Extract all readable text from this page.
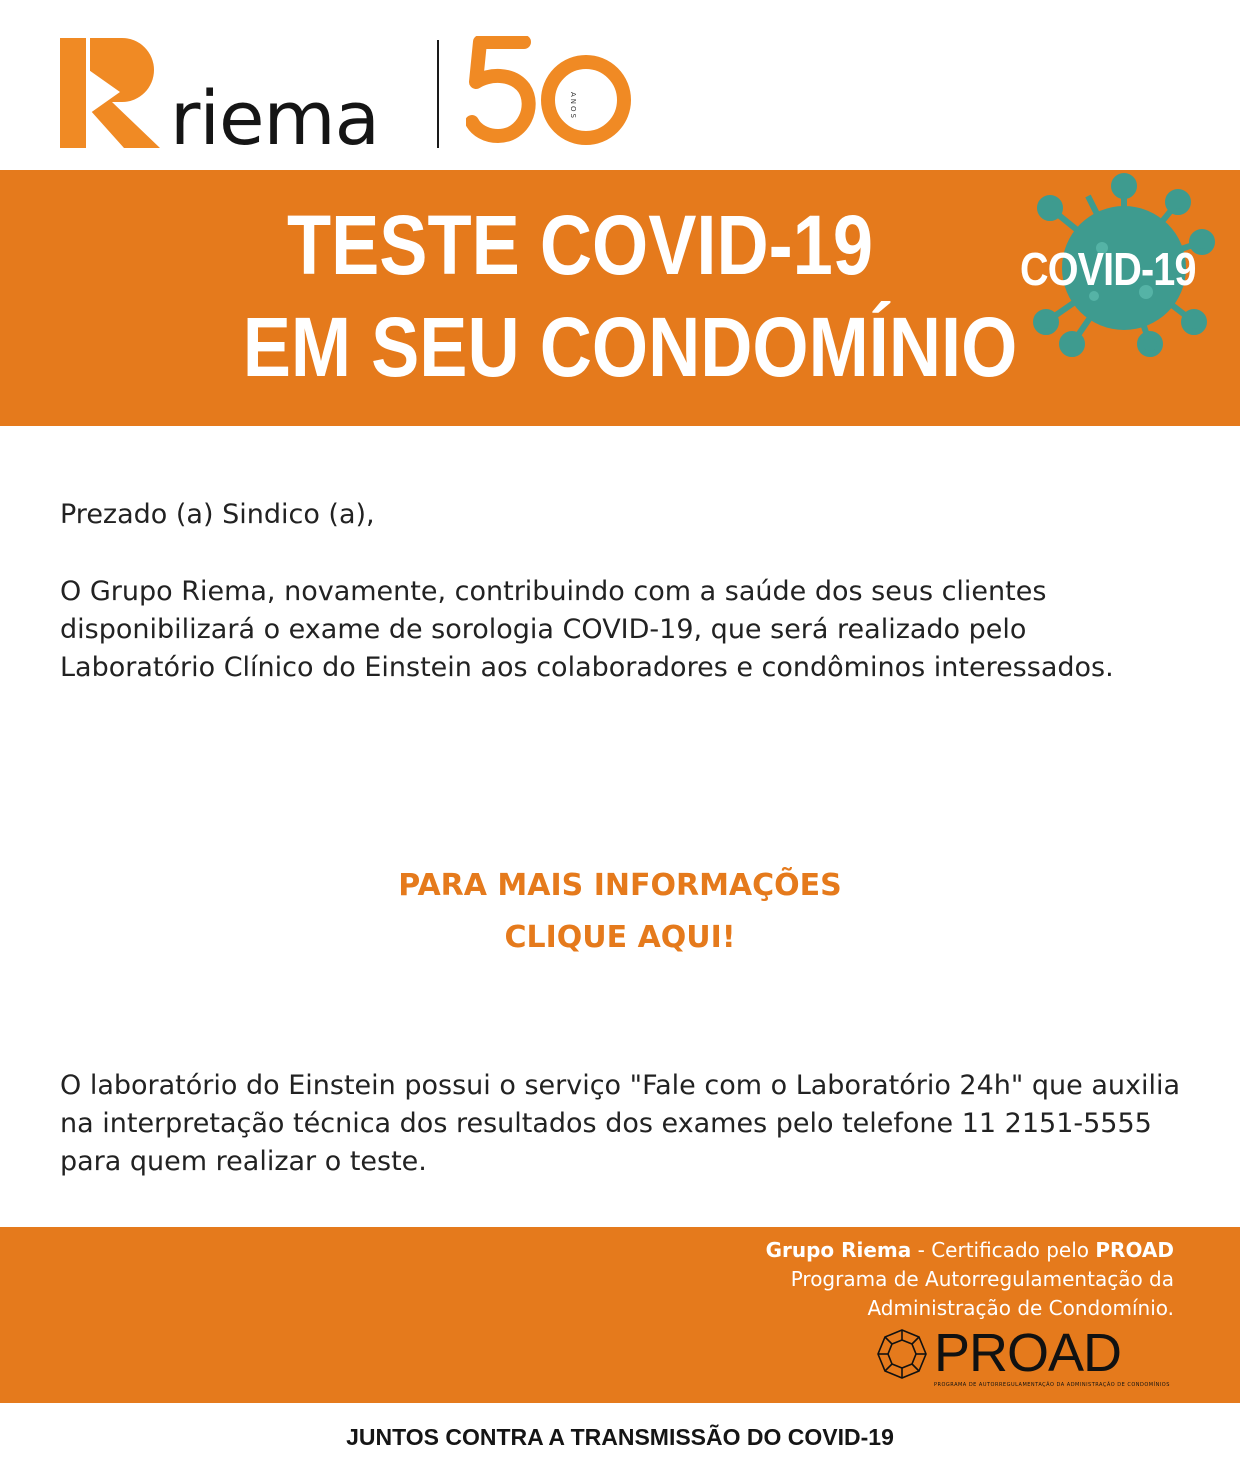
riema	ANOS
TESTE COVID-19
EM SEU CONDOMÍNIO
COVID-19
Prezado (a) Sindico (a),
O Grupo Riema, novamente, contribuindo com a saúde dos seus clientes disponibilizará o exame de sorologia COVID-19, que será realizado pelo Laboratório Clínico do Einstein aos colaboradores e condôminos interessados.
PARA MAIS INFORMAÇÕES
CLIQUE AQUI!
O laboratório do Einstein possui o serviço "Fale com o Laboratório 24h" que auxilia na interpretação técnica dos resultados dos exames pelo telefone 11 2151-5555 para quem realizar o teste.
Grupo Riema - Certificado pelo PROAD
Programa de Autorregulamentação da
Administração de Condomínio.
PROAD
PROGRAMA DE AUTORREGULAMENTAÇÃO DA ADMINISTRAÇÃO DE CONDOMÍNIOS
JUNTOS CONTRA A TRANSMISSÃO DO COVID-19
